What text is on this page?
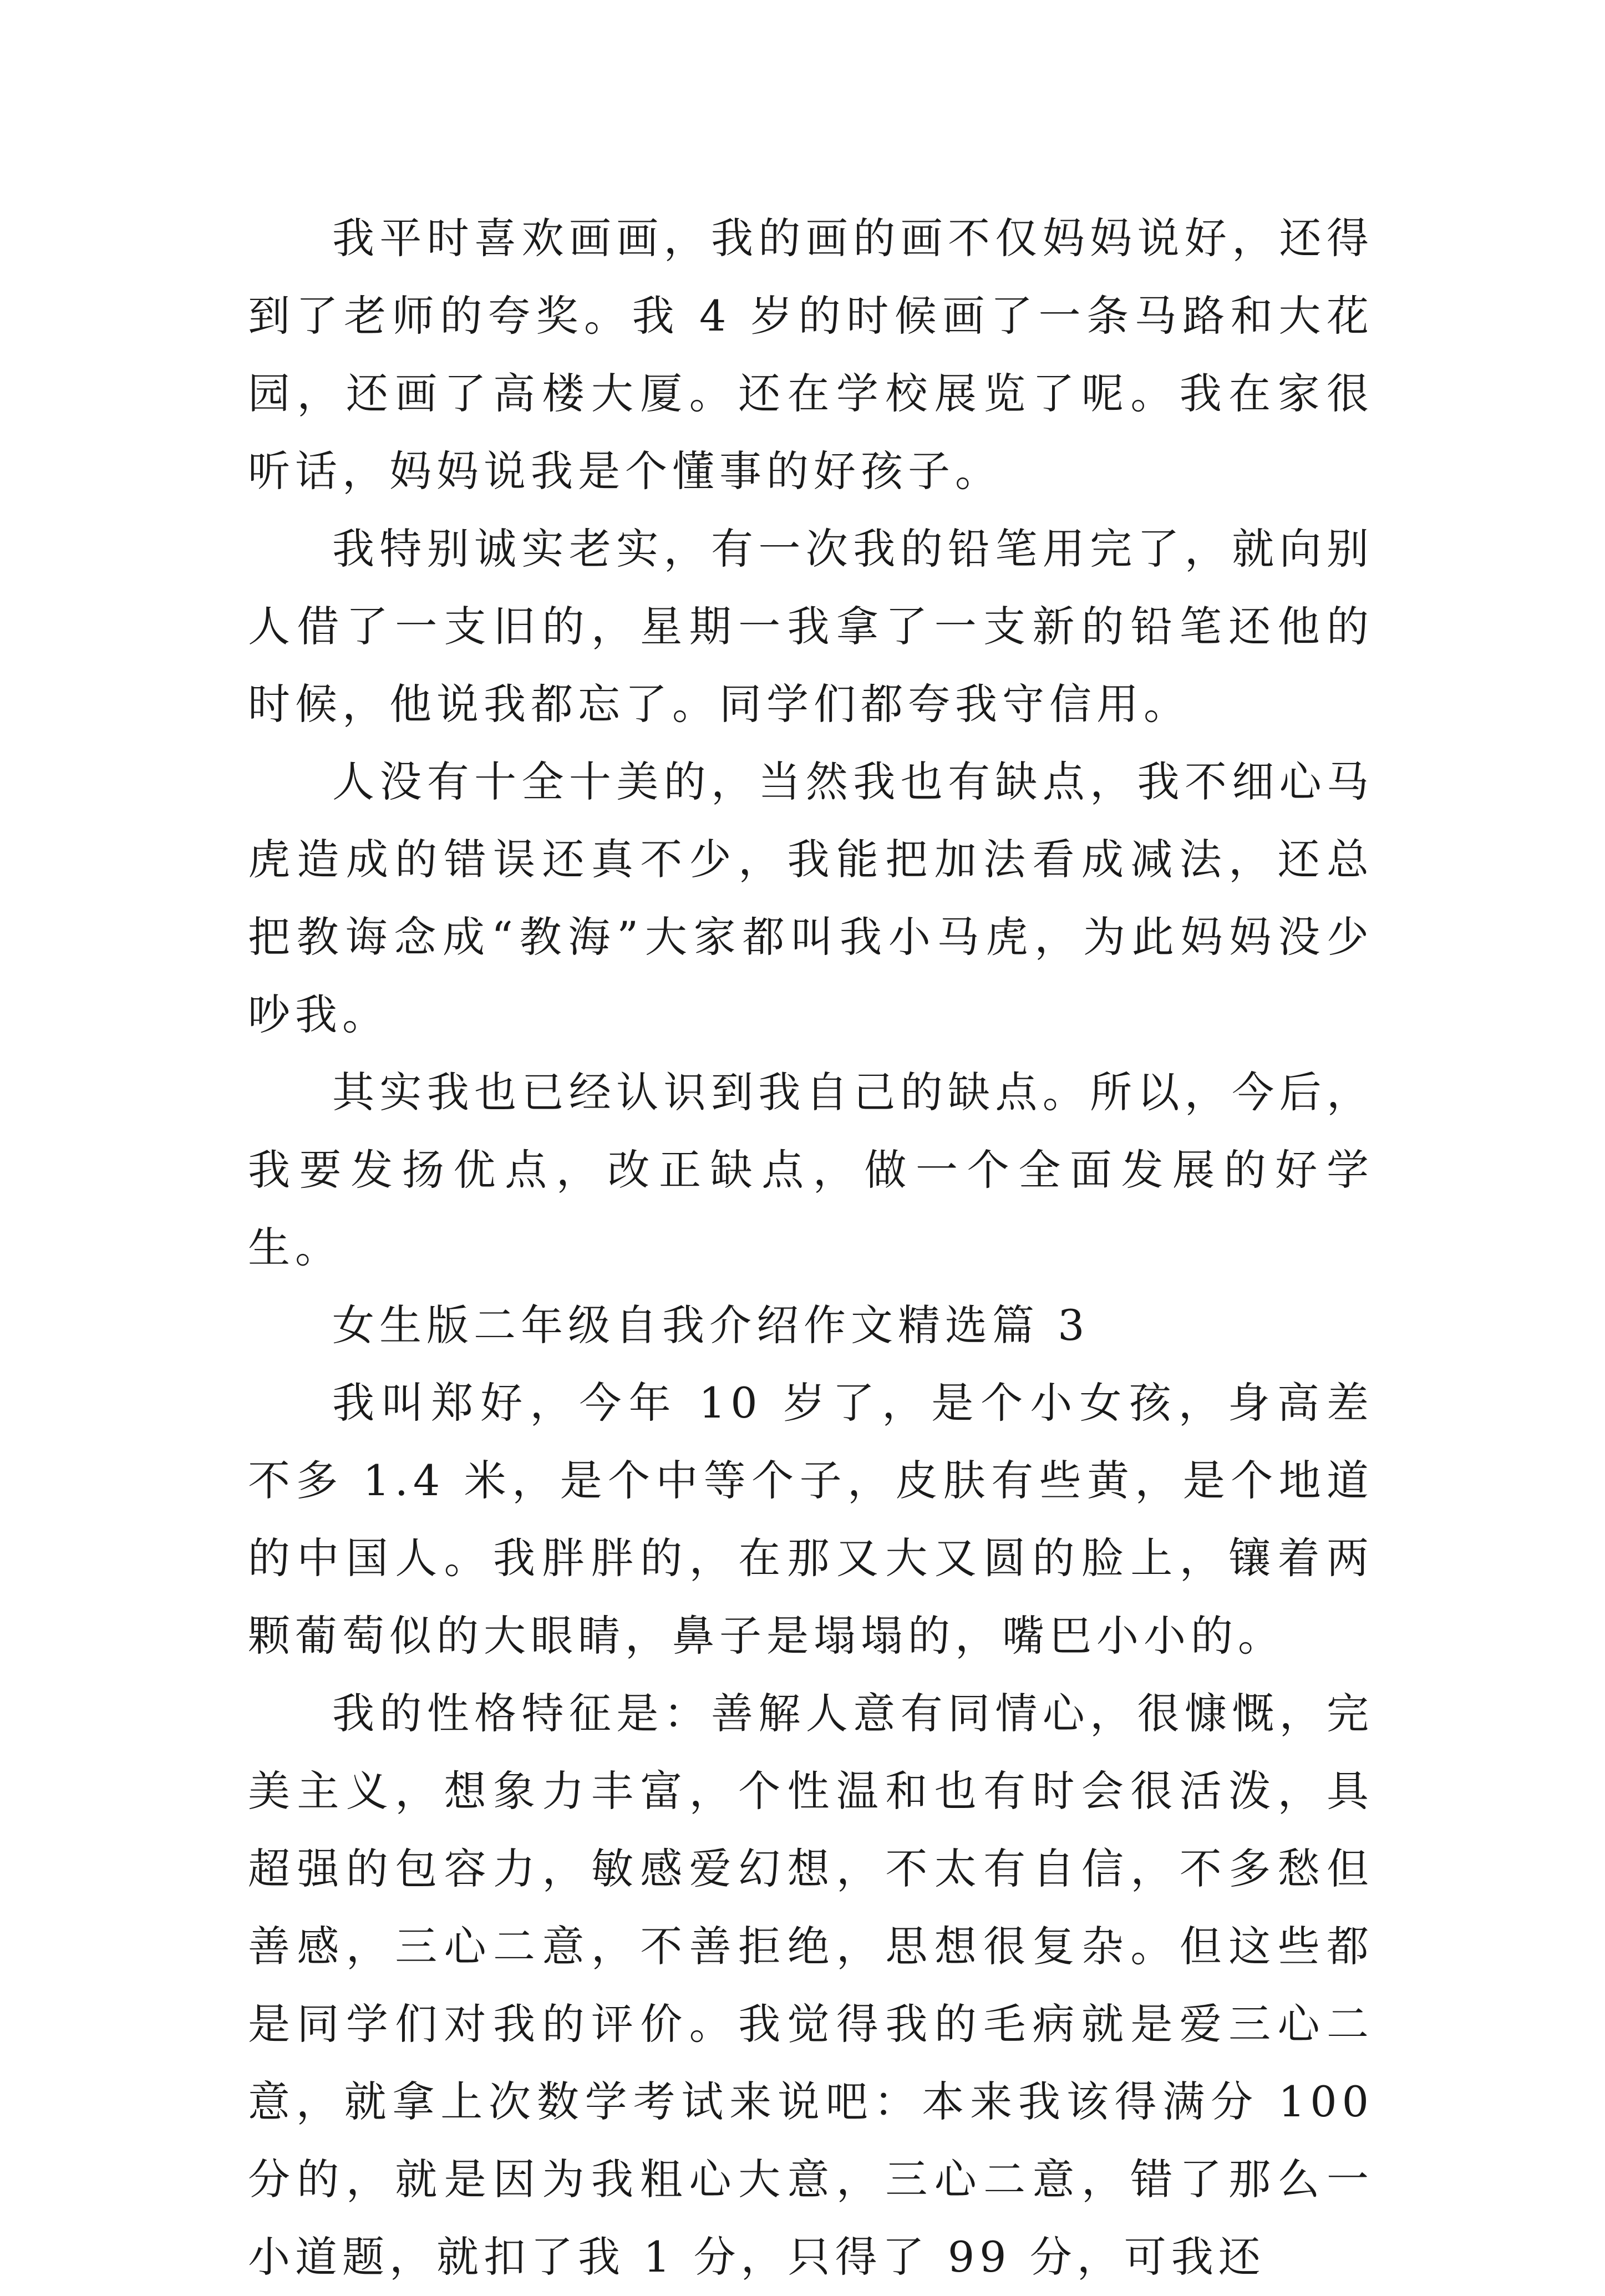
我平时喜欢画画，我的画的画不仅妈妈说好，还得到了老师的夸奖。我 4 岁的时候画了一条马路和大花园，还画了高楼大厦。还在学校展览了呢。我在家很听话，妈妈说我是个懂事的好孩子。

我特别诚实老实，有一次我的铅笔用完了，就向别人借了一支旧的，星期一我拿了一支新的铅笔还他的时候，他说我都忘了。同学们都夸我守信用。

人没有十全十美的，当然我也有缺点，我不细心马虎造成的错误还真不少，我能把加法看成减法，还总把教诲念成“教海”大家都叫我小马虎，为此妈妈没少吵我。

其实我也已经认识到我自己的缺点。所以，今后，我要发扬优点，改正缺点，做一个全面发展的好学生。

女生版二年级自我介绍作文精选篇 3

我叫郑好，今年 10 岁了，是个小女孩，身高差不多 1.4 米，是个中等个子，皮肤有些黄，是个地道的中国人。我胖胖的，在那又大又圆的脸上，镶着两颗葡萄似的大眼睛，鼻子是塌塌的，嘴巴小小的。

我的性格特征是：善解人意有同情心，很慷慨，完美主义，想象力丰富，个性温和也有时会很活泼，具超强的包容力，敏感爱幻想，不太有自信，不多愁但善感，三心二意，不善拒绝，思想很复杂。但这些都是同学们对我的评价。我觉得我的毛病就是爱三心二意，就拿上次数学考试来说吧：本来我该得满分 100 分的，就是因为我粗心大意，三心二意，错了那么一小道题，就扣了我 1 分，只得了 99 分，可我还
